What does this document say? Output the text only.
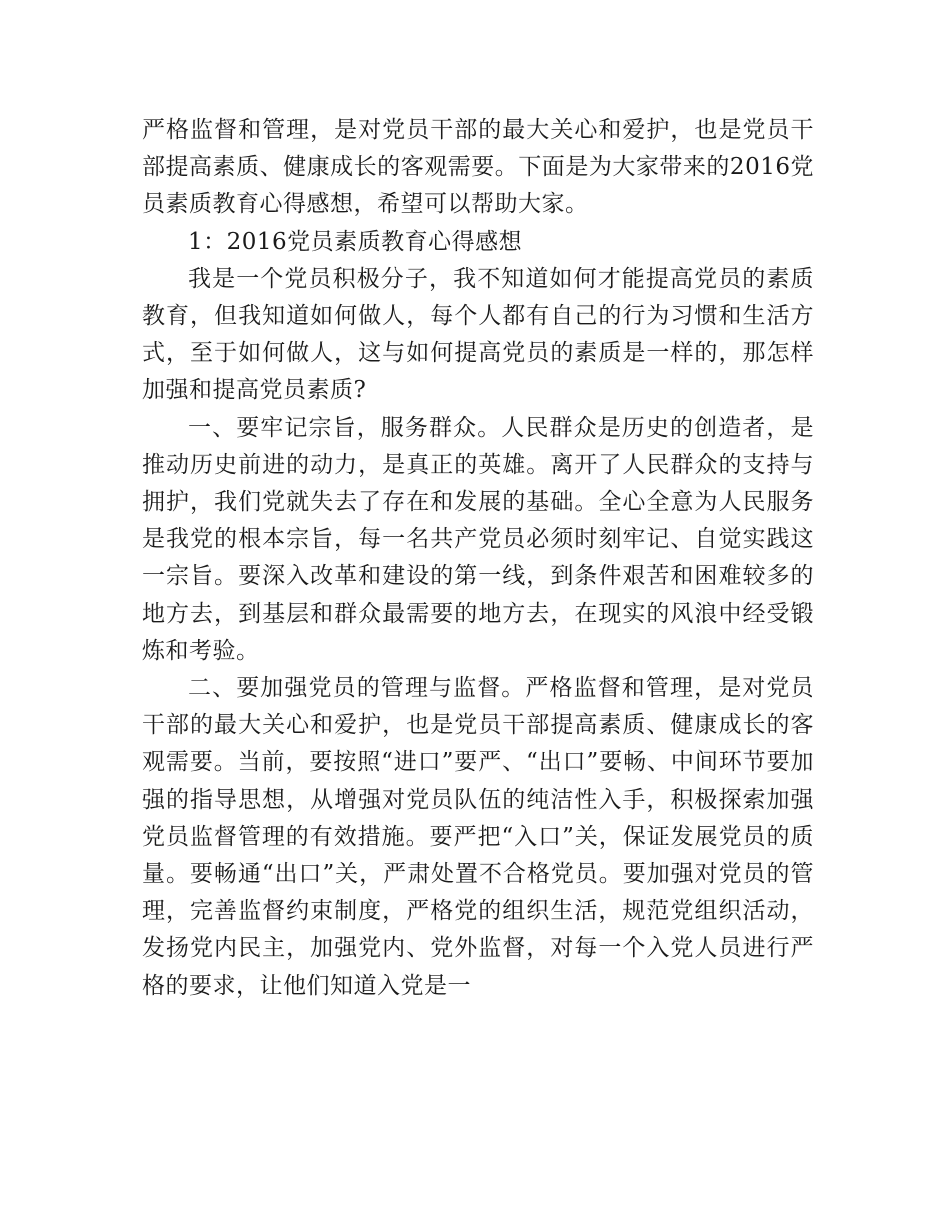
严格监督和管理，是对党员干部的最大关心和爱护，也是党员干部提高素质、健康成长的客观需要。下面是为大家带来的2016党员素质教育心得感想，希望可以帮助大家。

1：2016党员素质教育心得感想

我是一个党员积极分子，我不知道如何才能提高党员的素质教育，但我知道如何做人，每个人都有自己的行为习惯和生活方式，至于如何做人，这与如何提高党员的素质是一样的，那怎样加强和提高党员素质?

一、要牢记宗旨，服务群众。人民群众是历史的创造者，是推动历史前进的动力，是真正的英雄。离开了人民群众的支持与拥护，我们党就失去了存在和发展的基础。全心全意为人民服务是我党的根本宗旨，每一名共产党员必须时刻牢记、自觉实践这一宗旨。要深入改革和建设的第一线，到条件艰苦和困难较多的地方去，到基层和群众最需要的地方去，在现实的风浪中经受锻炼和考验。

二、要加强党员的管理与监督。严格监督和管理，是对党员干部的最大关心和爱护，也是党员干部提高素质、健康成长的客观需要。当前，要按照“进口”要严、“出口”要畅、中间环节要加强的指导思想，从增强对党员队伍的纯洁性入手，积极探索加强党员监督管理的有效措施。要严把“入口”关，保证发展党员的质量。要畅通“出口”关，严肃处置不合格党员。要加强对党员的管理，完善监督约束制度，严格党的组织生活，规范党组织活动，发扬党内民主，加强党内、党外监督，对每一个入党人员进行严格的要求，让他们知道入党是一
